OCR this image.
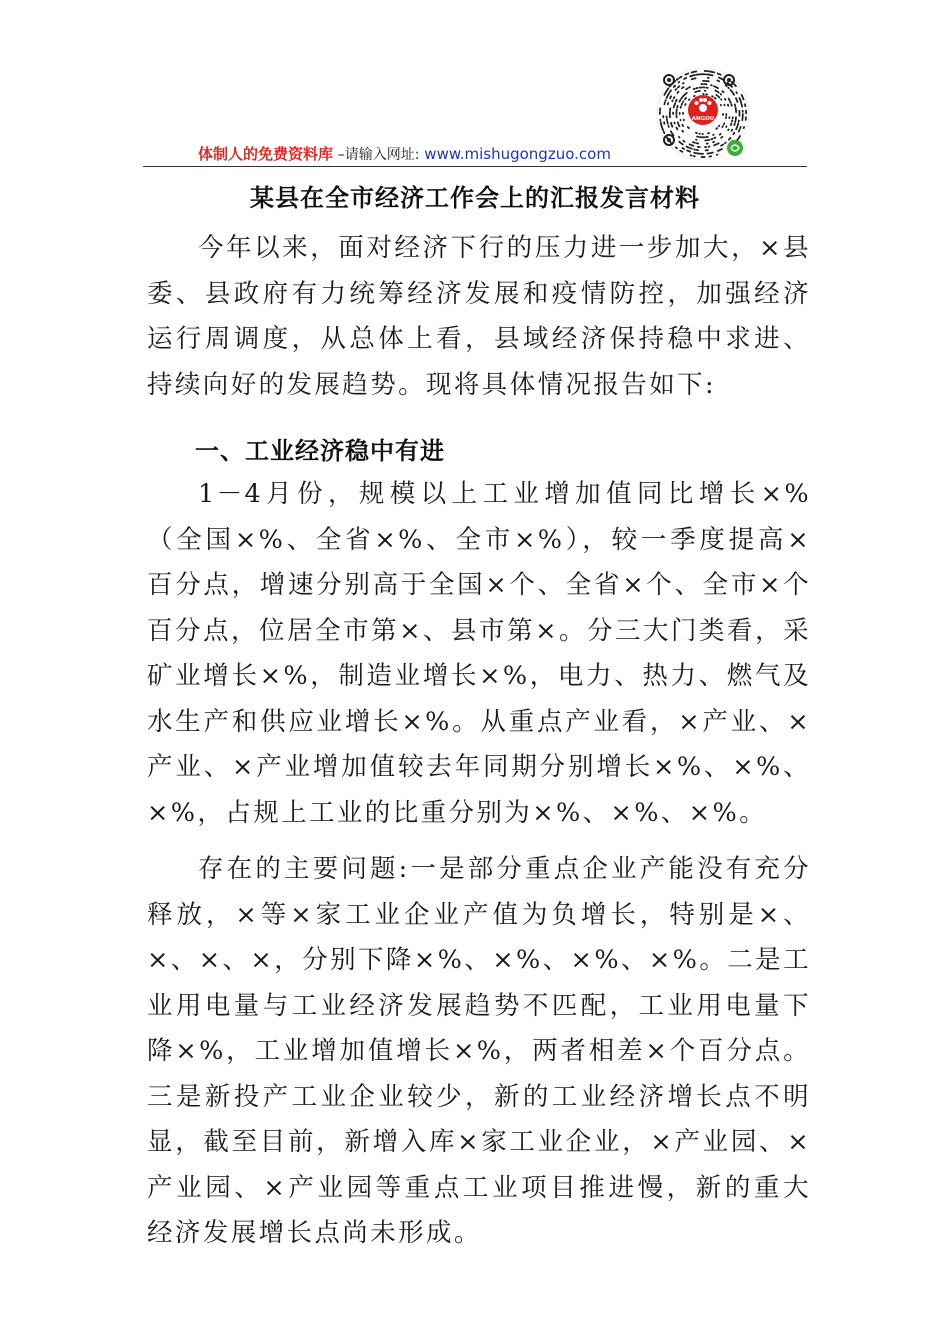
ANGOU
体制人的免费资料库 –请输入网址: www.mishugongzuo.com
某县在全市经济工作会上的汇报发言材料

今年以来，面对经济下行的压力进一步加大，×县委、县政府有力统筹经济发展和疫情防控，加强经济运行周调度，从总体上看，县域经济保持稳中求进、持续向好的发展趋势。现将具体情况报告如下:

一、工业经济稳中有进

1－4月份，规模以上工业增加值同比增长×%（全国×%、全省×%、全市×%），较一季度提高×百分点，增速分别高于全国×个、全省×个、全市×个百分点，位居全市第×、县市第×。分三大门类看，采矿业增长×%，制造业增长×%，电力、热力、燃气及水生产和供应业增长×%。从重点产业看，×产业、×产业、×产业增加值较去年同期分别增长×%、×%、×%，占规上工业的比重分别为×%、×%、×%。

存在的主要问题:一是部分重点企业产能没有充分释放，×等×家工业企业产值为负增长，特别是×、×、×、×，分别下降×%、×%、×%、×%。二是工业用电量与工业经济发展趋势不匹配，工业用电量下降×%，工业增加值增长×%，两者相差×个百分点。三是新投产工业企业较少，新的工业经济增长点不明显，截至目前，新增入库×家工业企业，×产业园、×产业园、×产业园等重点工业项目推进慢，新的重大经济发展增长点尚未形成。
